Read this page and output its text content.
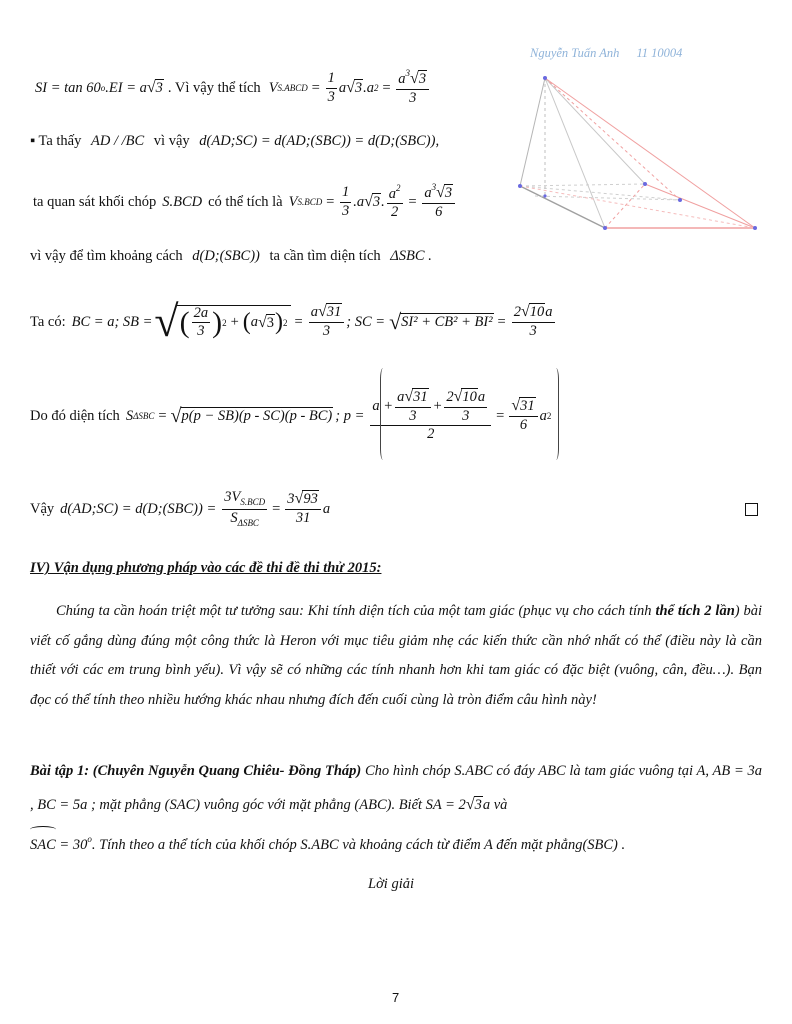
Nguyễn Tuấn Anh 11 10004
SI = tan 60 o .EI = a √ 3 . Vì vậy thể tích V S.ABCD = $\frac{1}{3}$ a √ 3 .a $2 = \frac{a^3√3}{3}$
▪ Ta thấy AD / /BC vì vậy d(AD;SC) = d(AD;(SBC)) = d(D;(SBC)),
ta quan sát khối chóp S.BCD có thể tích là V $S.BCD = \frac{1}{3} .a$ √ 3 . $\frac{a^2}{2} = \frac{a^3√3}{6}$
vì vậy để tìm khoảng cách d(D;(SBC)) ta cần tìm diện tích ΔSBC .
Ta có: BC = a; SB = √ ( $\frac{2a}{3}$ ) 2 + ( a √ 3 ) $2 = \frac{a√31}{3}$ ; SC = √ $SI^2 + CB^2 + BI^2 = \frac{2√10a}{3}$
Do đó diện tích S ΔSBC = √ p(p − SB)(p - SC)(p - BC) ; $p = \frac{a + \frac{a√31}{3} + \frac{2√10a}{3}}{2} = \frac{√31}{6}$ a 2
Vậy d(AD;SC) = d(D;(SBC)) = $\frac{3V_{S.BCD}}{S_{\Delta SBC}} = \frac{3√93}{31}$ a
IV) Vận dụng phương pháp vào các đề thi đề thi thử 2015:
Chúng ta cần hoán triệt một tư tưởng sau: Khi tính diện tích của một tam giác (phục vụ cho cách tính thể tích 2 lần) bài viết cố gắng dùng đúng một công thức là Heron với mục tiêu giảm nhẹ các kiến thức cần nhớ nhất có thể (điều này là cần thiết với các em trung bình yếu). Vì vậy sẽ có những các tính nhanh hơn khi tam giác có đặc biệt (vuông, cân, đều…). Bạn đọc có thể tính theo nhiều hướng khác nhau nhưng đích đến cuối cùng là tròn điểm câu hình này!
Bài tập 1: (Chuyên Nguyễn Quang Chiêu- Đồng Tháp) Cho hình chóp S.ABC có đáy ABC là tam giác vuông tại A, AB = 3a , BC = 5a ; mặt phẳng (SAC) vuông góc với mặt phẳng (ABC). Biết SA = 2√3a và

SAC = $30^o$. Tính theo a thể tích của khối chóp S.ABC và khoảng cách từ điểm A đến mặt phẳng(SBC) .
Lời giải
7
